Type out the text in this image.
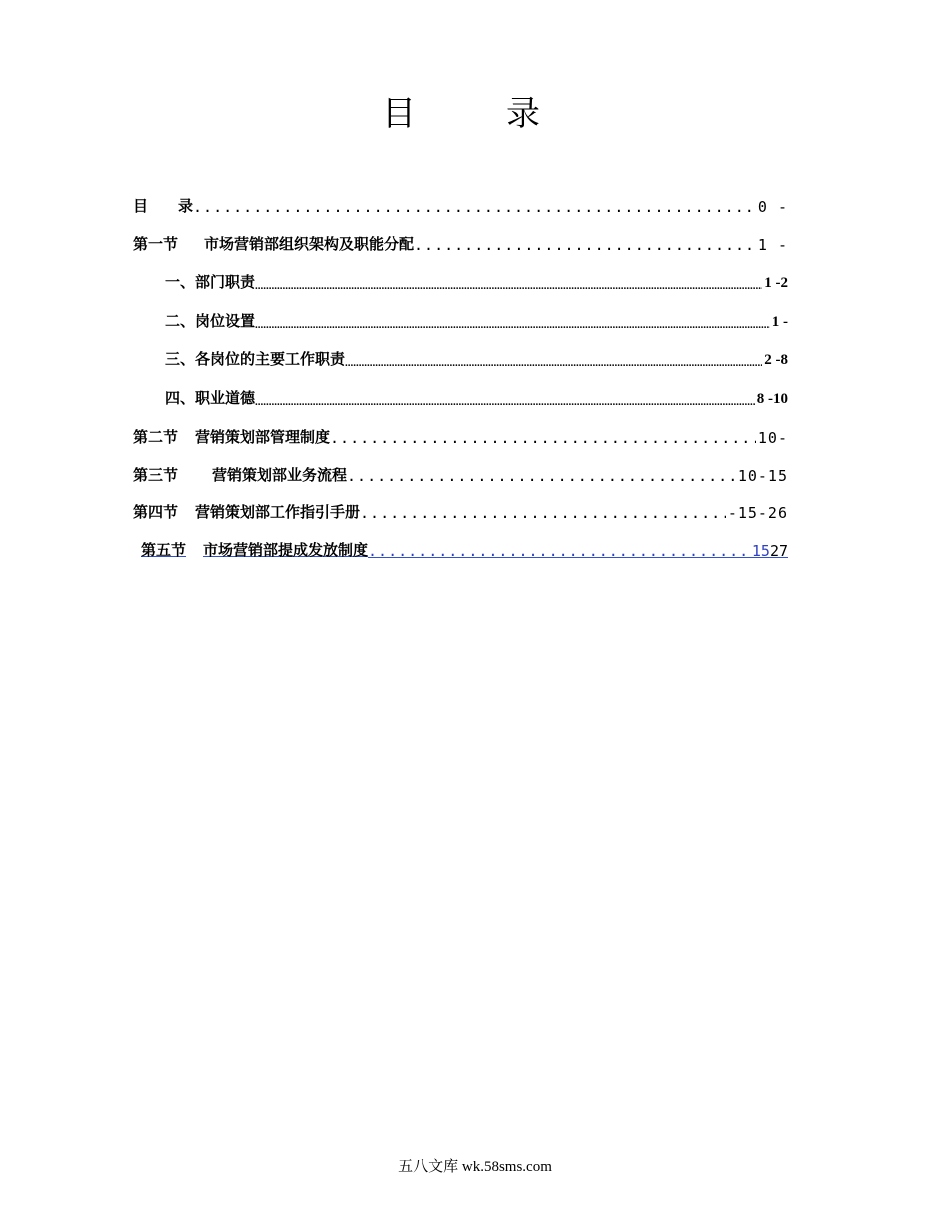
目　录
目 录 .....	0 -
第一节 市场营销部组织架构及职能分配 .....	1 -
一、 部门职责 .....	1 -2
二、 岗位设置 .....	1 -
三、 各岗位的主要工作职责 .....	2 -8
四、 职业道德 .....	8 -10
第二节 营销策划部管理制度 .....	10-
第三节 营销策划部业务流程 .....	10-15
第四节 营销策划部工作指引手册 .....	-15-26
第五节 市场营销部提成发放制度 .....	15 27
五八文库 wk.58sms.com
